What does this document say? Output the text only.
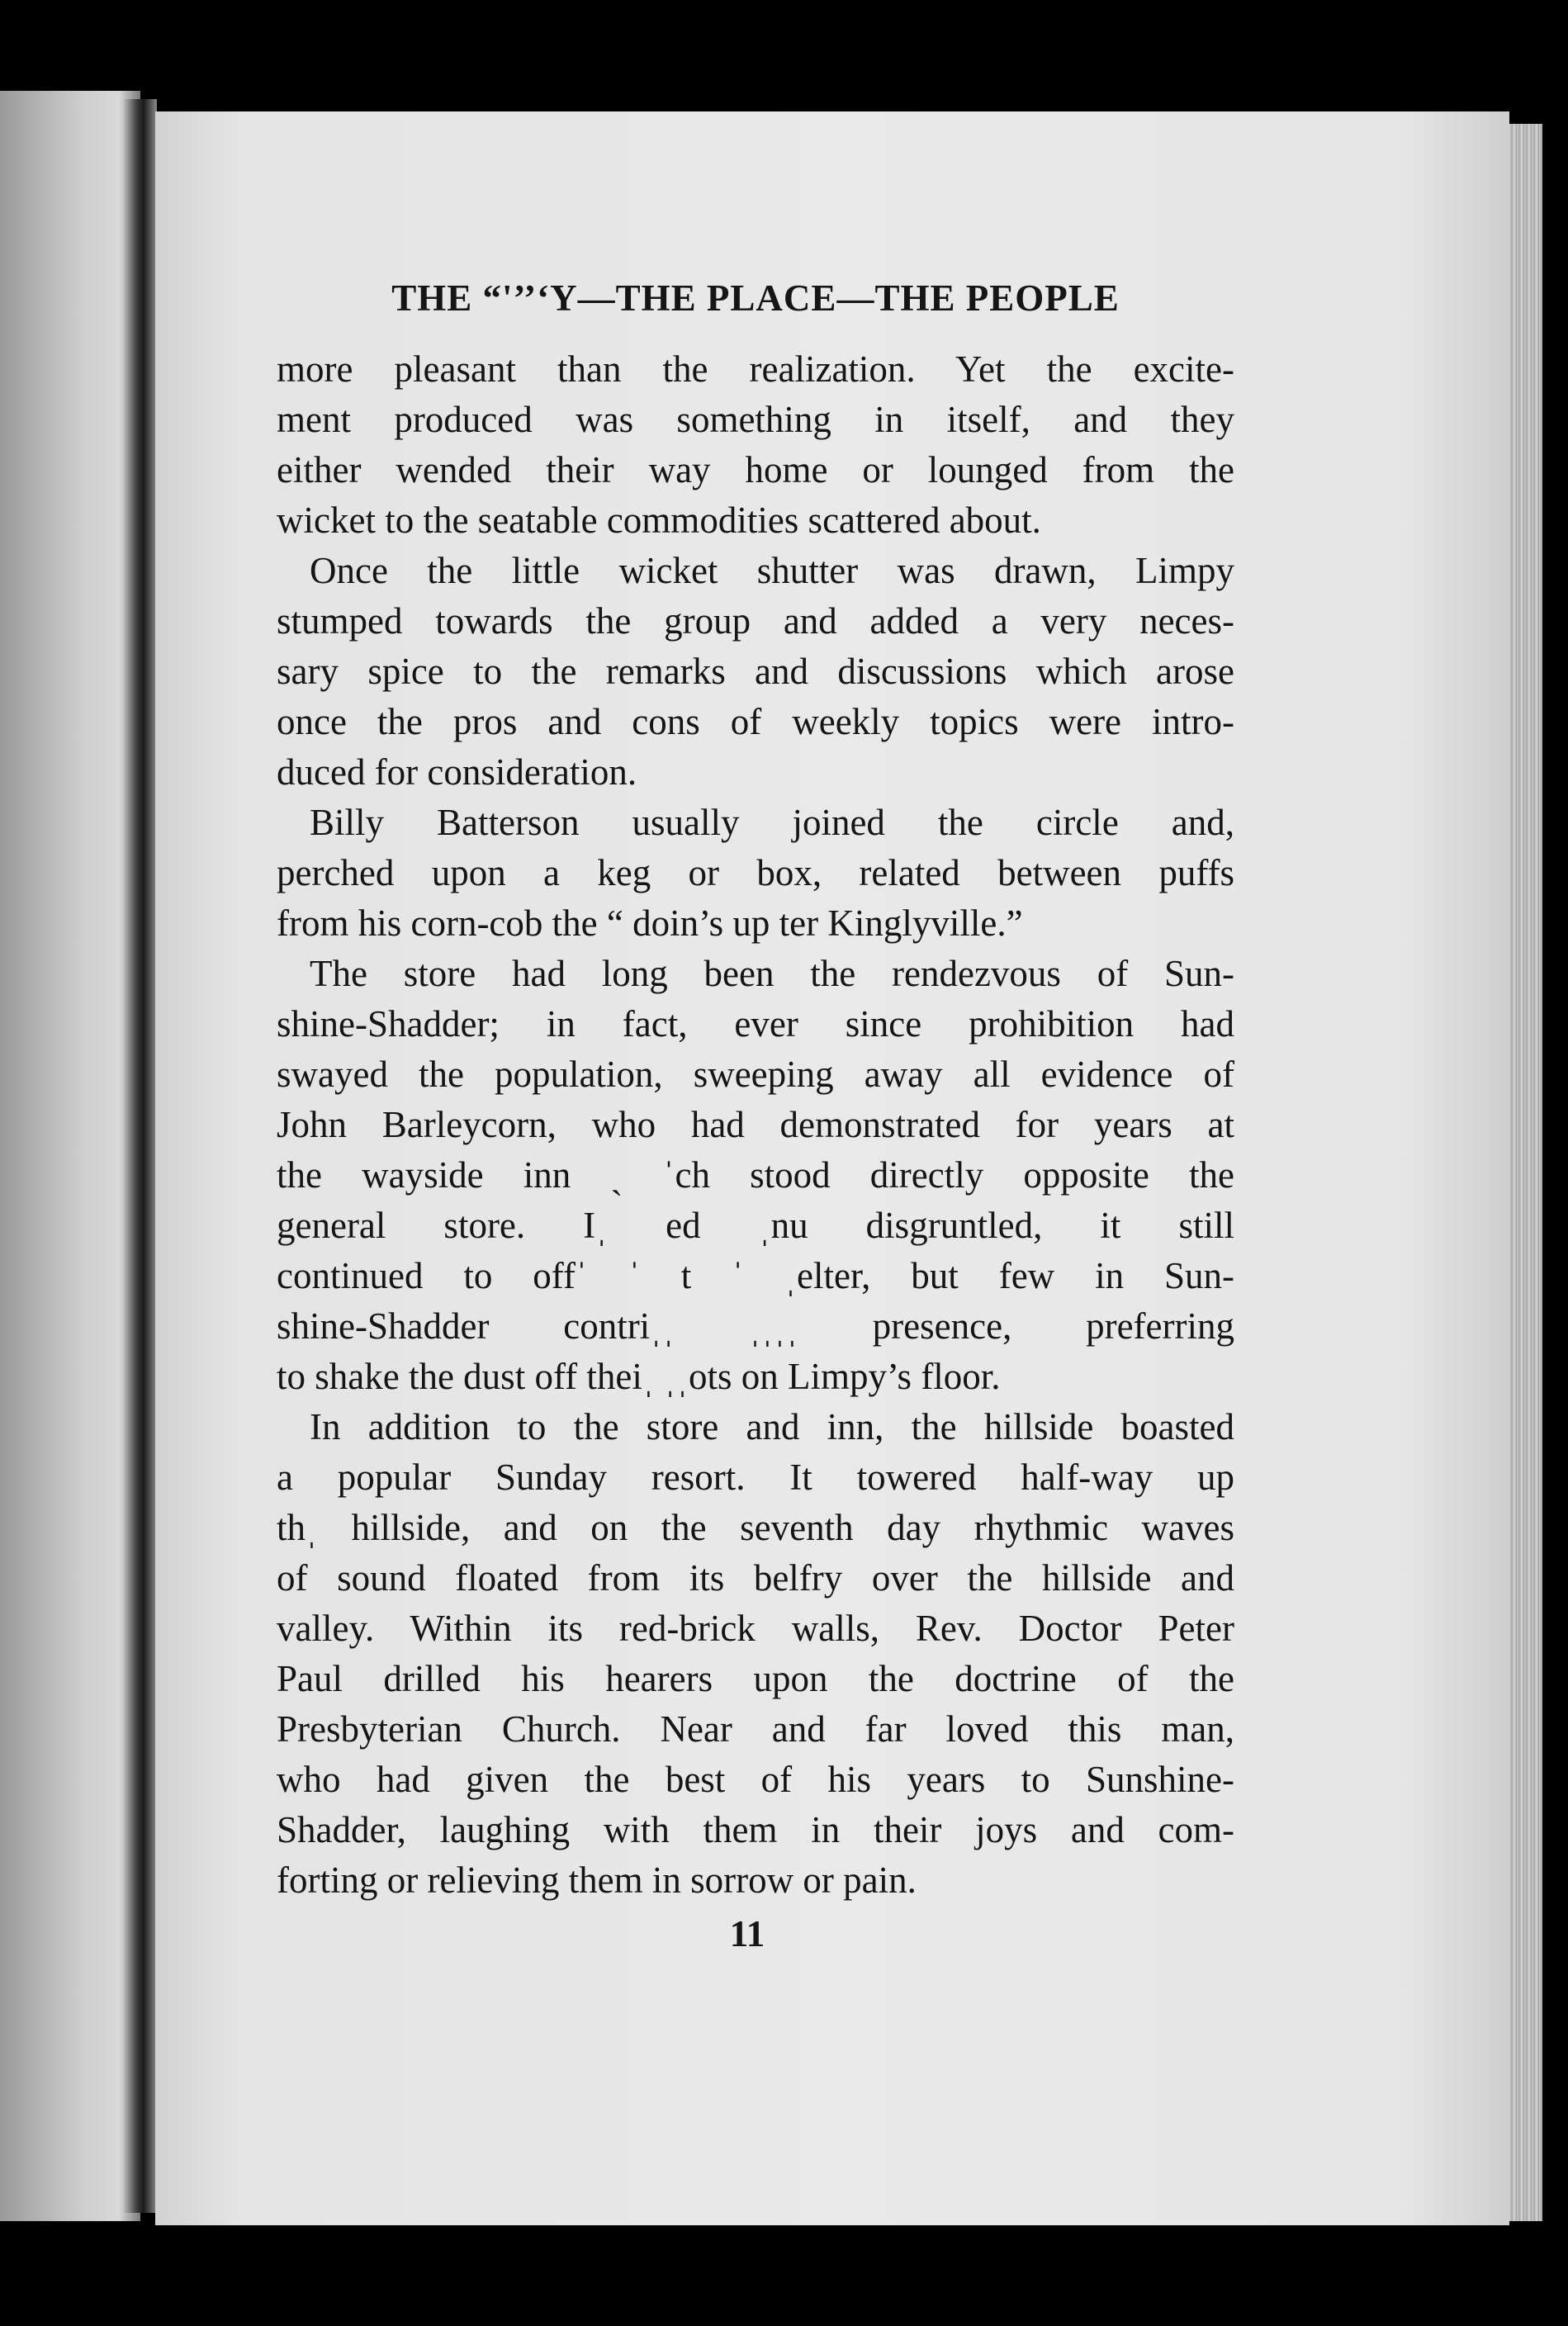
THE “'’’‘Y—THE PLACE—THE PEOPLE
more pleasant than the realization. Yet the excite-
ment produced was something in itself, and they
either wended their way home or lounged from the
wicket to the seatable commodities scattered about.
Once the little wicket shutter was drawn, Limpy
stumped towards the group and added a very neces-
sary spice to the remarks and discussions which arose
once the pros and cons of weekly topics were intro-
duced for consideration.
Billy Batterson usually joined the circle and,
perched upon a keg or box, related between puffs
from his corn-cob the “ doin’s up ter Kinglyville.”
The store had long been the rendezvous of Sun-
shine-Shadder; in fact, ever since prohibition had
swayed the population, sweeping away all evidence of
John Barleycorn, who had demonstrated for years at
the wayside inn ˎ ˈch stood directly opposite the
general store. Iˌ ed ˌnu disgruntled, it still
continued to offˈ ˈ t ˈ ˌelter, but few in Sun-
shine-Shadder contriˌˌ ˌˌˌˌ presence, preferring
to shake the dust off theiˌ ˌˌots on Limpy’s floor.
In addition to the store and inn, the hillside boasted
a popular Sunday resort. It towered half-way up
thˌ hillside, and on the seventh day rhythmic waves
of sound floated from its belfry over the hillside and
valley. Within its red-brick walls, Rev. Doctor Peter
Paul drilled his hearers upon the doctrine of the
Presbyterian Church. Near and far loved this man,
who had given the best of his years to Sunshine-
Shadder, laughing with them in their joys and com-
forting or relieving them in sorrow or pain.
11
